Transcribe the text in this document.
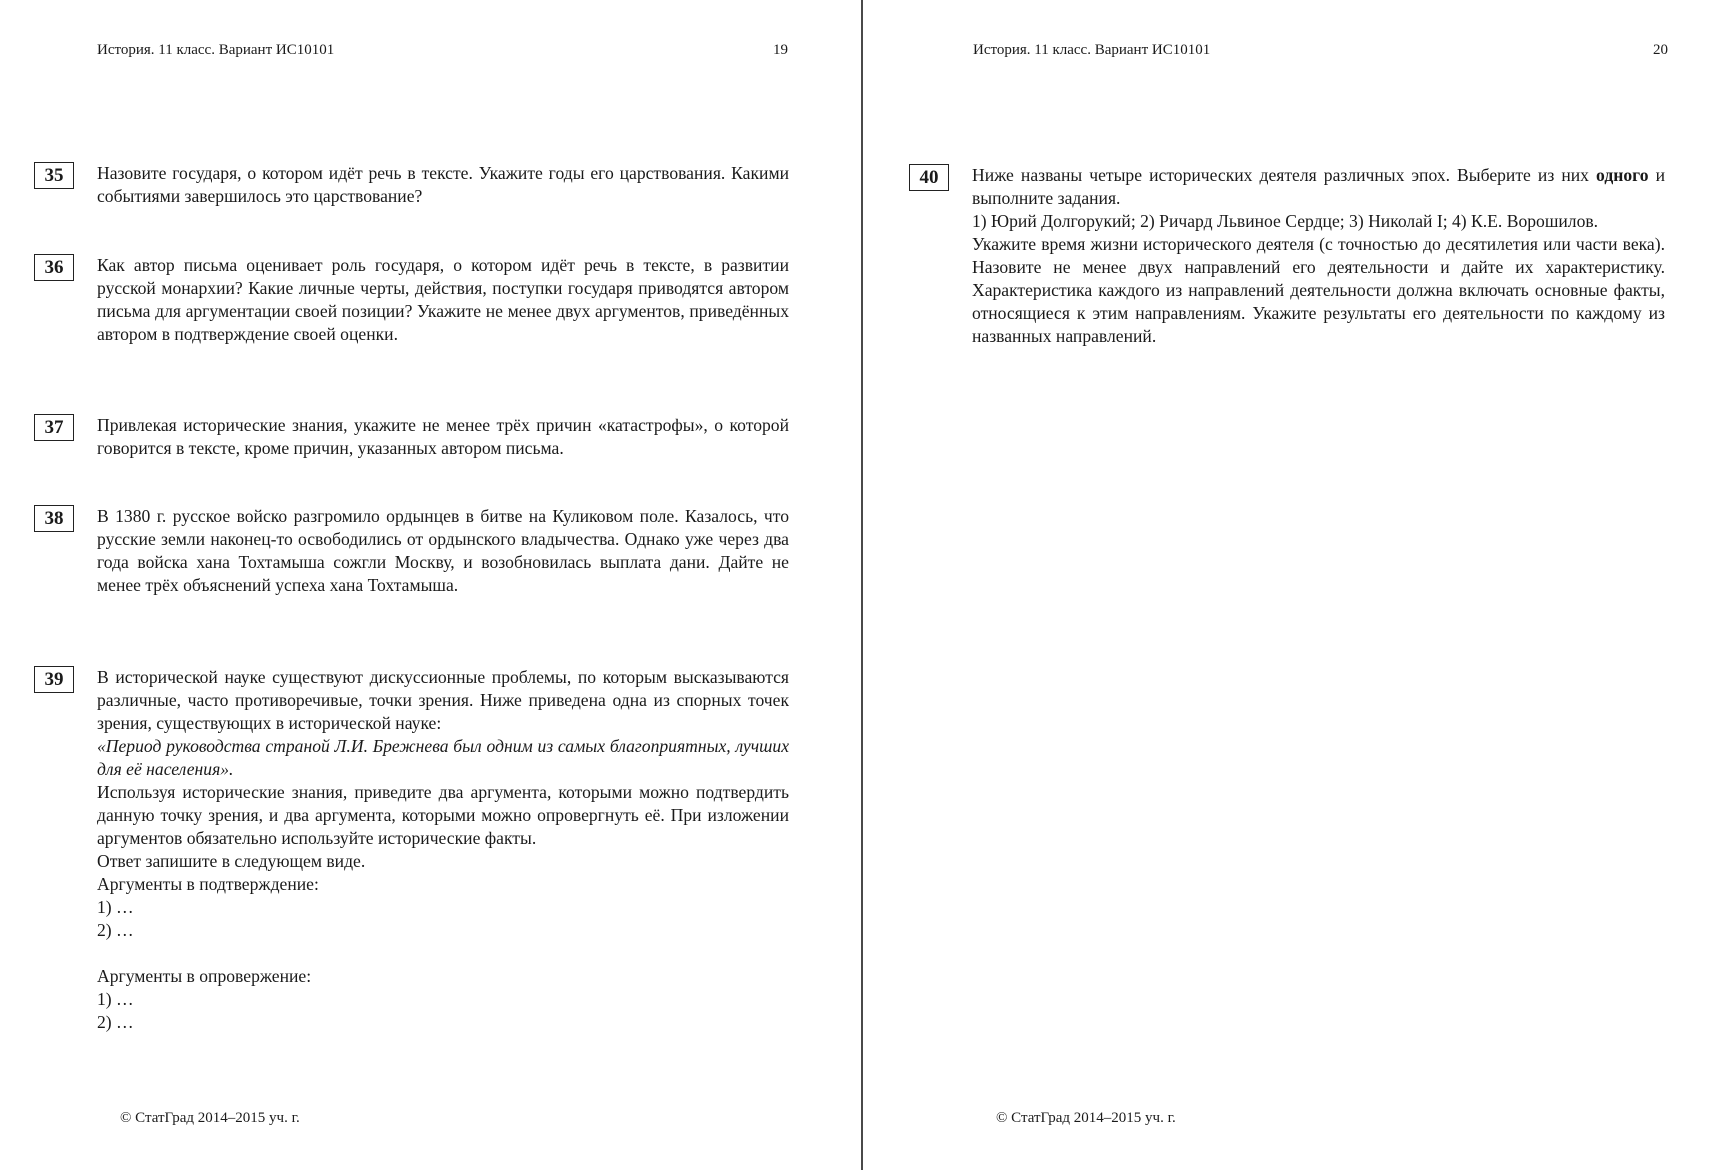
История. 11 класс. Вариант ИС10101	19
35	Назовите государя, о котором идёт речь в тексте. Укажите годы его царствования. Какими событиями завершилось это царствование?

36	Как автор письма оценивает роль государя, о котором идёт речь в тексте, в развитии русской монархии? Какие личные черты, действия, поступки государя приводятся автором письма для аргументации своей позиции? Укажите не менее двух аргументов, приведённых автором в подтверждение своей оценки.

37	Привлекая исторические знания, укажите не менее трёх причин «катастрофы», о которой говорится в тексте, кроме причин, указанных автором письма.

38	В 1380 г. русское войско разгромило ордынцев в битве на Куликовом поле. Казалось, что русские земли наконец-то освободились от ордынского владычества. Однако уже через два года войска хана Тохтамыша сожгли Москву, и возобновилась выплата дани. Дайте не менее трёх объяснений успеха хана Тохтамыша.

39	В исторической науке существуют дискуссионные проблемы, по которым высказываются различные, часто противоречивые, точки зрения. Ниже приведена одна из спорных точек зрения, существующих в исторической науке:

«Период руководства страной Л.И. Брежнева был одним из самых благоприятных, лучших для её населения».

Используя исторические знания, приведите два аргумента, которыми можно подтвердить данную точку зрения, и два аргумента, которыми можно опровергнуть её. При изложении аргументов обязательно используйте исторические факты.

Ответ запишите в следующем виде.

Аргументы в подтверждение:

1) …

2) …

Аргументы в опровержение:

1) …

2) …

© СтатГрад 2014–2015 уч. г.
История. 11 класс. Вариант ИС10101	20
40	Ниже названы четыре исторических деятеля различных эпох. Выберите из них одного и выполните задания.

1) Юрий Долгорукий; 2) Ричард Львиное Сердце; 3) Николай I; 4) К.Е. Ворошилов.

Укажите время жизни исторического деятеля (с точностью до десятилетия или части века). Назовите не менее двух направлений его деятельности и дайте их характеристику. Характеристика каждого из направлений деятельности должна включать основные факты, относящиеся к этим направлениям. Укажите результаты его деятельности по каждому из названных направлений.

© СтатГрад 2014–2015 уч. г.
